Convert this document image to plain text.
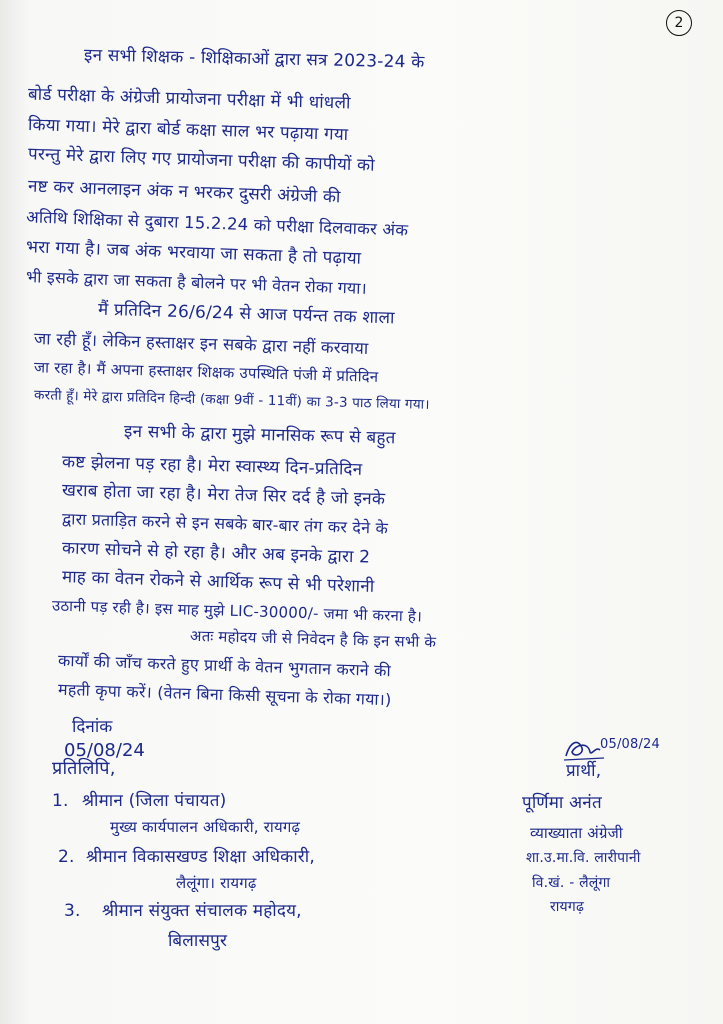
2
इन सभी शिक्षक - शिक्षिकाओं द्वारा सत्र 2023-24 के
बोर्ड परीक्षा के अंग्रेजी प्रायोजना परीक्षा में भी धांधली
किया गया। मेरे द्वारा बोर्ड कक्षा साल भर पढ़ाया गया
परन्तु मेरे द्वारा लिए गए प्रायोजना परीक्षा की कापीयों को
नष्ट कर आनलाइन अंक न भरकर दुसरी अंग्रेजी की
अतिथि शिक्षिका से दुबारा 15.2.24 को परीक्षा दिलवाकर अंक
भरा गया है। जब अंक भरवाया जा सकता है तो पढ़ाया
भी इसके द्वारा जा सकता है बोलने पर भी वेतन रोका गया।
मैं प्रतिदिन 26/6/24 से आज पर्यन्त तक शाला
जा रही हूँ। लेकिन हस्ताक्षर इन सबके द्वारा नहीं करवाया
जा रहा है। मैं अपना हस्ताक्षर शिक्षक उपस्थिति पंजी में प्रतिदिन
करती हूँ। मेरे द्वारा प्रतिदिन हिन्दी (कक्षा 9वीं - 11वीं) का 3-3 पाठ लिया गया।
इन सभी के द्वारा मुझे मानसिक रूप से बहुत
कष्ट झेलना पड़ रहा है। मेरा स्वास्थ्य दिन-प्रतिदिन
खराब होता जा रहा है। मेरा तेज सिर दर्द है जो इनके
द्वारा प्रताड़ित करने से इन सबके बार-बार तंग कर देने के
कारण सोचने से हो रहा है। और अब इनके द्वारा 2
माह का वेतन रोकने से आर्थिक रूप से भी परेशानी
उठानी पड़ रही है। इस माह मुझे LIC-30000/- जमा भी करना है।
अतः महोदय जी से निवेदन है कि इन सभी के
कार्यों की जाँच करते हुए प्रार्थी के वेतन भुगतान कराने की
महती कृपा करें। (वेतन बिना किसी सूचना के रोका गया।)
दिनांक
05/08/24	05/08/24
प्रार्थी,
पूर्णिमा अनंत
व्याख्याता अंग्रेजी
शा.उ.मा.वि. लारीपानी
वि.खं. - लैलूंगा
रायगढ़
प्रतिलिपि,
1. श्रीमान (जिला पंचायत)
मुख्य कार्यपालन अधिकारी, रायगढ़
2. श्रीमान विकासखण्ड शिक्षा अधिकारी,
लैलूंगा। रायगढ़
3. श्रीमान संयुक्त संचालक महोदय,
बिलासपुर
